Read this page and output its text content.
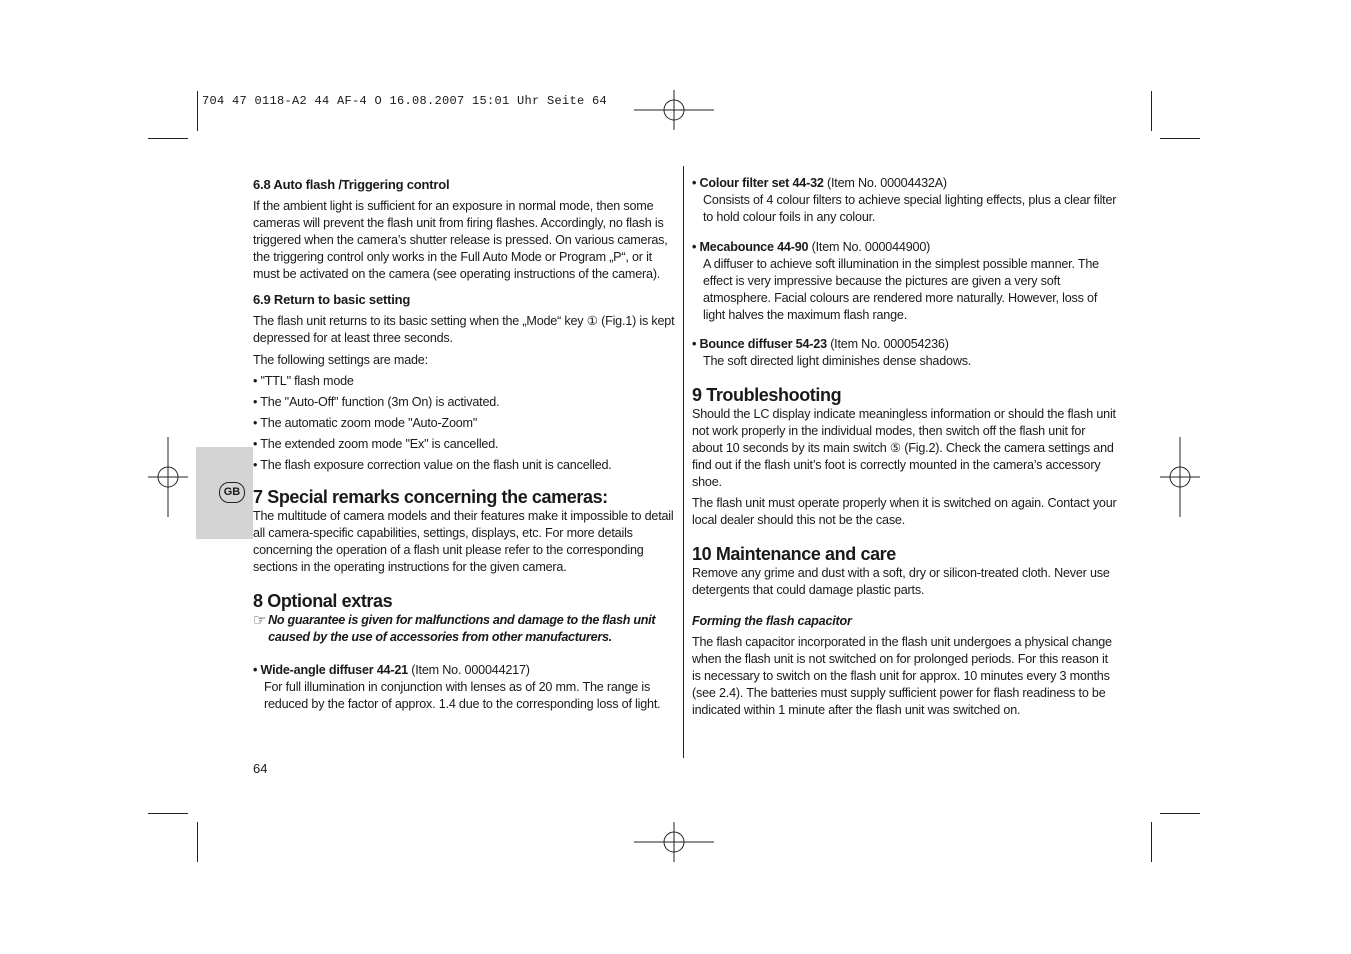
704 47 0118-A2 44 AF-4 O 16.08.2007 15:01 Uhr Seite 64
GB
6.8 Auto flash /Triggering control

If the ambient light is sufficient for an exposure in normal mode, then some cameras will prevent the flash unit from firing flashes. Accordingly, no flash is triggered when the camera’s shutter release is pressed. On various cameras, the triggering control only works in the Full Auto Mode or Program „P“, or it must be activated on the camera (see operating instructions of the camera).

6.9 Return to basic setting

The flash unit returns to its basic setting when the „Mode“ key ① (Fig.1) is kept depressed for at least three seconds.

The following settings are made:

• "TTL" flash mode
• The "Auto-Off" function (3m On) is activated.
• The automatic zoom mode "Auto-Zoom"
• The extended zoom mode "Ex" is cancelled.
• The flash exposure correction value on the flash unit is cancelled.
7 Special remarks concerning the cameras:

The multitude of camera models and their features make it impossible to detail all camera-specific capabilities, settings, displays, etc. For more details concerning the operation of a flash unit please refer to the corresponding sections in the operating instructions for the given camera.

8 Optional extras
☞ No guarantee is given for malfunctions and damage to the flash unit caused by the use of accessories from other manufacturers.
• Wide-angle diffuser 44-21 (Item No. 000044217)

For full illumination in conjunction with lenses as of 20 mm. The range is reduced by the factor of approx. 1.4 due to the corresponding loss of light.

64
• Colour filter set 44-32 (Item No. 00004432A)

Consists of 4 colour filters to achieve special lighting effects, plus a clear filter to hold colour foils in any colour.

• Mecabounce 44-90 (Item No. 000044900)

A diffuser to achieve soft illumination in the simplest possible manner. The effect is very impressive because the pictures are given a very soft atmosphere. Facial colours are rendered more naturally. However, loss of light halves the maximum flash range.

• Bounce diffuser 54-23 (Item No. 000054236)

The soft directed light diminishes dense shadows.

9 Troubleshooting

Should the LC display indicate meaningless information or should the flash unit not work properly in the individual modes, then switch off the flash unit for about 10 seconds by its main switch ⑤ (Fig.2). Check the camera settings and find out if the flash unit’s foot is correctly mounted in the camera’s accessory shoe.

The flash unit must operate properly when it is switched on again. Contact your local dealer should this not be the case.

10 Maintenance and care

Remove any grime and dust with a soft, dry or silicon-treated cloth. Never use detergents that could damage plastic parts.

Forming the flash capacitor

The flash capacitor incorporated in the flash unit undergoes a physical change when the flash unit is not switched on for prolonged periods. For this reason it is necessary to switch on the flash unit for approx. 10 minutes every 3 months (see 2.4). The batteries must supply sufficient power for flash readiness to be indicated within 1 minute after the flash unit was switched on.
